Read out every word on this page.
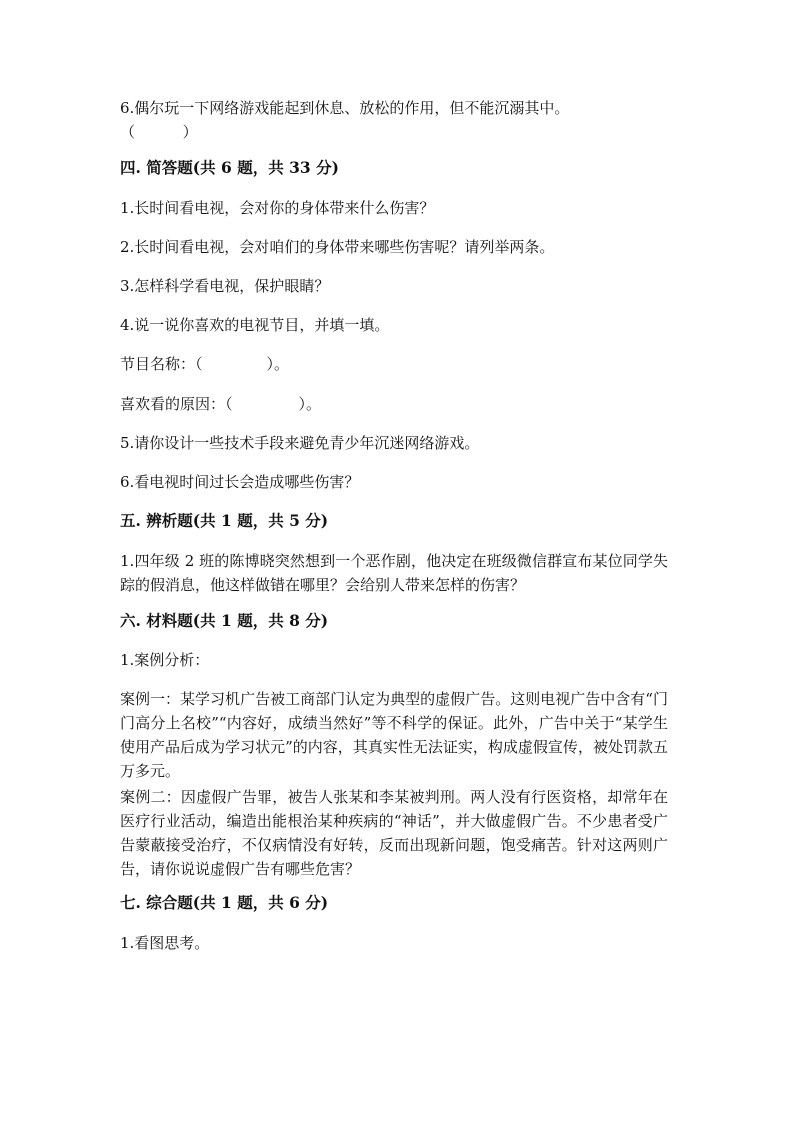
6.偶尔玩一下网络游戏能起到休息、放松的作用，但不能沉溺其中。
（          ）

四. 简答题(共 6 题，共 33 分)

1.长时间看电视，会对你的身体带来什么伤害？

2.长时间看电视，会对咱们的身体带来哪些伤害呢？请列举两条。

3.怎样科学看电视，保护眼睛？

4.说一说你喜欢的电视节目，并填一填。

节目名称：（	）。

喜欢看的原因：（	）。

5.请你设计一些技术手段来避免青少年沉迷网络游戏。

6.看电视时间过长会造成哪些伤害？

五. 辨析题(共 1 题，共 5 分)

1.四年级 2 班的陈博晓突然想到一个恶作剧，他决定在班级微信群宣布某位同学失踪的假消息，他这样做错在哪里？会给别人带来怎样的伤害？

六. 材料题(共 1 题，共 8 分)

1.案例分析：

案例一：某学习机广告被工商部门认定为典型的虚假广告。这则电视广告中含有“门门高分上名校”“内容好，成绩当然好”等不科学的保证。此外，广告中关于“某学生使用产品后成为学习状元”的内容，其真实性无法证实，构成虚假宣传，被处罚款五万多元。

案例二：因虚假广告罪，被告人张某和李某被判刑。两人没有行医资格，却常年在医疗行业活动，编造出能根治某种疾病的“神话”，并大做虚假广告。不少患者受广告蒙蔽接受治疗，不仅病情没有好转，反而出现新问题，饱受痛苦。针对这两则广告，请你说说虚假广告有哪些危害？

七. 综合题(共 1 题，共 6 分)

1.看图思考。
